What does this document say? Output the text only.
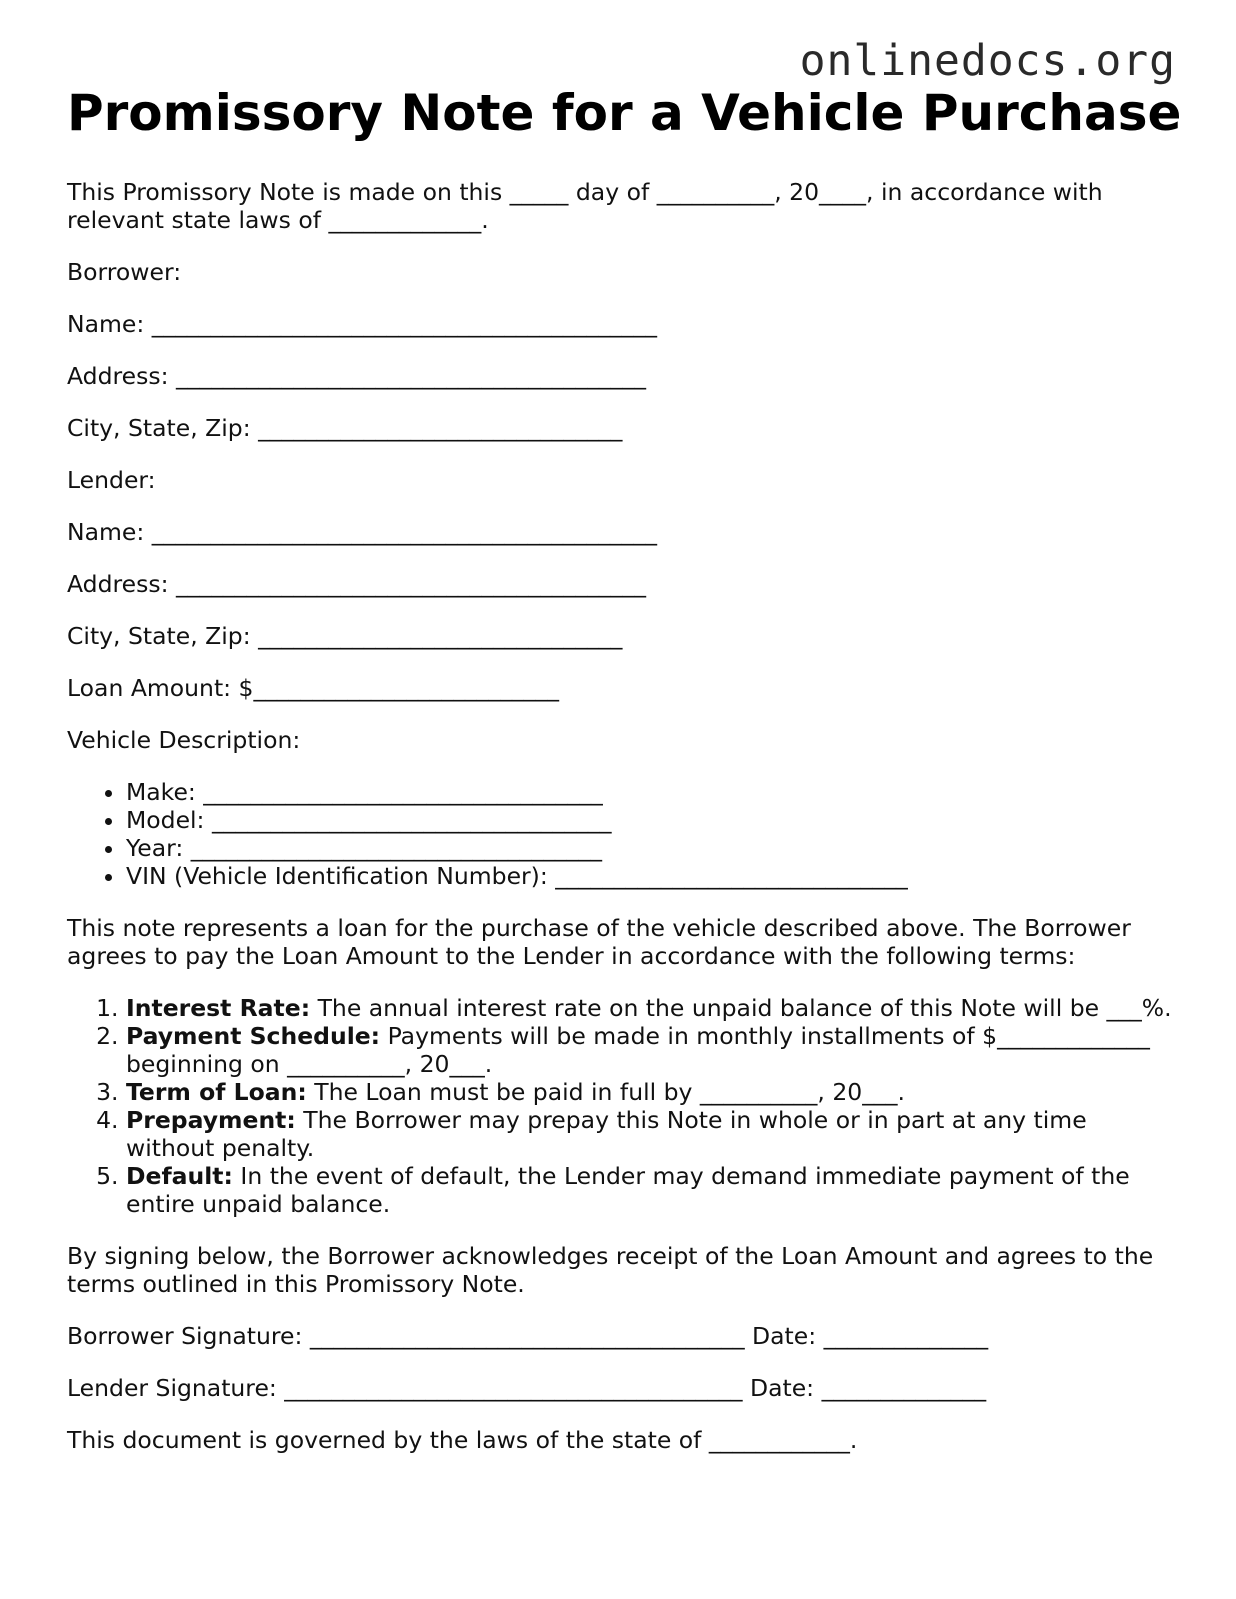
onlinedocs.org
Promissory Note for a Vehicle Purchase

This Promissory Note is made on this _____ day of __________, 20____, in accordance with relevant state laws of _____________.

Borrower:

Name: ___________________________________________

Address: ________________________________________

City, State, Zip: _______________________________

Lender:

Name: ___________________________________________

Address: ________________________________________

City, State, Zip: _______________________________

Loan Amount: $__________________________

Vehicle Description:

• Make: __________________________________
• Model: __________________________________
• Year: ___________________________________
• VIN (Vehicle Identification Number): ______________________________

This note represents a loan for the purchase of the vehicle described above. The Borrower agrees to pay the Loan Amount to the Lender in accordance with the following terms:

1. Interest Rate: The annual interest rate on the unpaid balance of this Note will be ___%.
2. Payment Schedule: Payments will be made in monthly installments of $_____________ beginning on __________, 20___.
3. Term of Loan: The Loan must be paid in full by __________, 20___.
4. Prepayment: The Borrower may prepay this Note in whole or in part at any time without penalty.
5. Default: In the event of default, the Lender may demand immediate payment of the entire unpaid balance.

By signing below, the Borrower acknowledges receipt of the Loan Amount and agrees to the terms outlined in this Promissory Note.

Borrower Signature: _____________________________________ Date: ______________

Lender Signature: _______________________________________ Date: ______________

This document is governed by the laws of the state of ____________.
